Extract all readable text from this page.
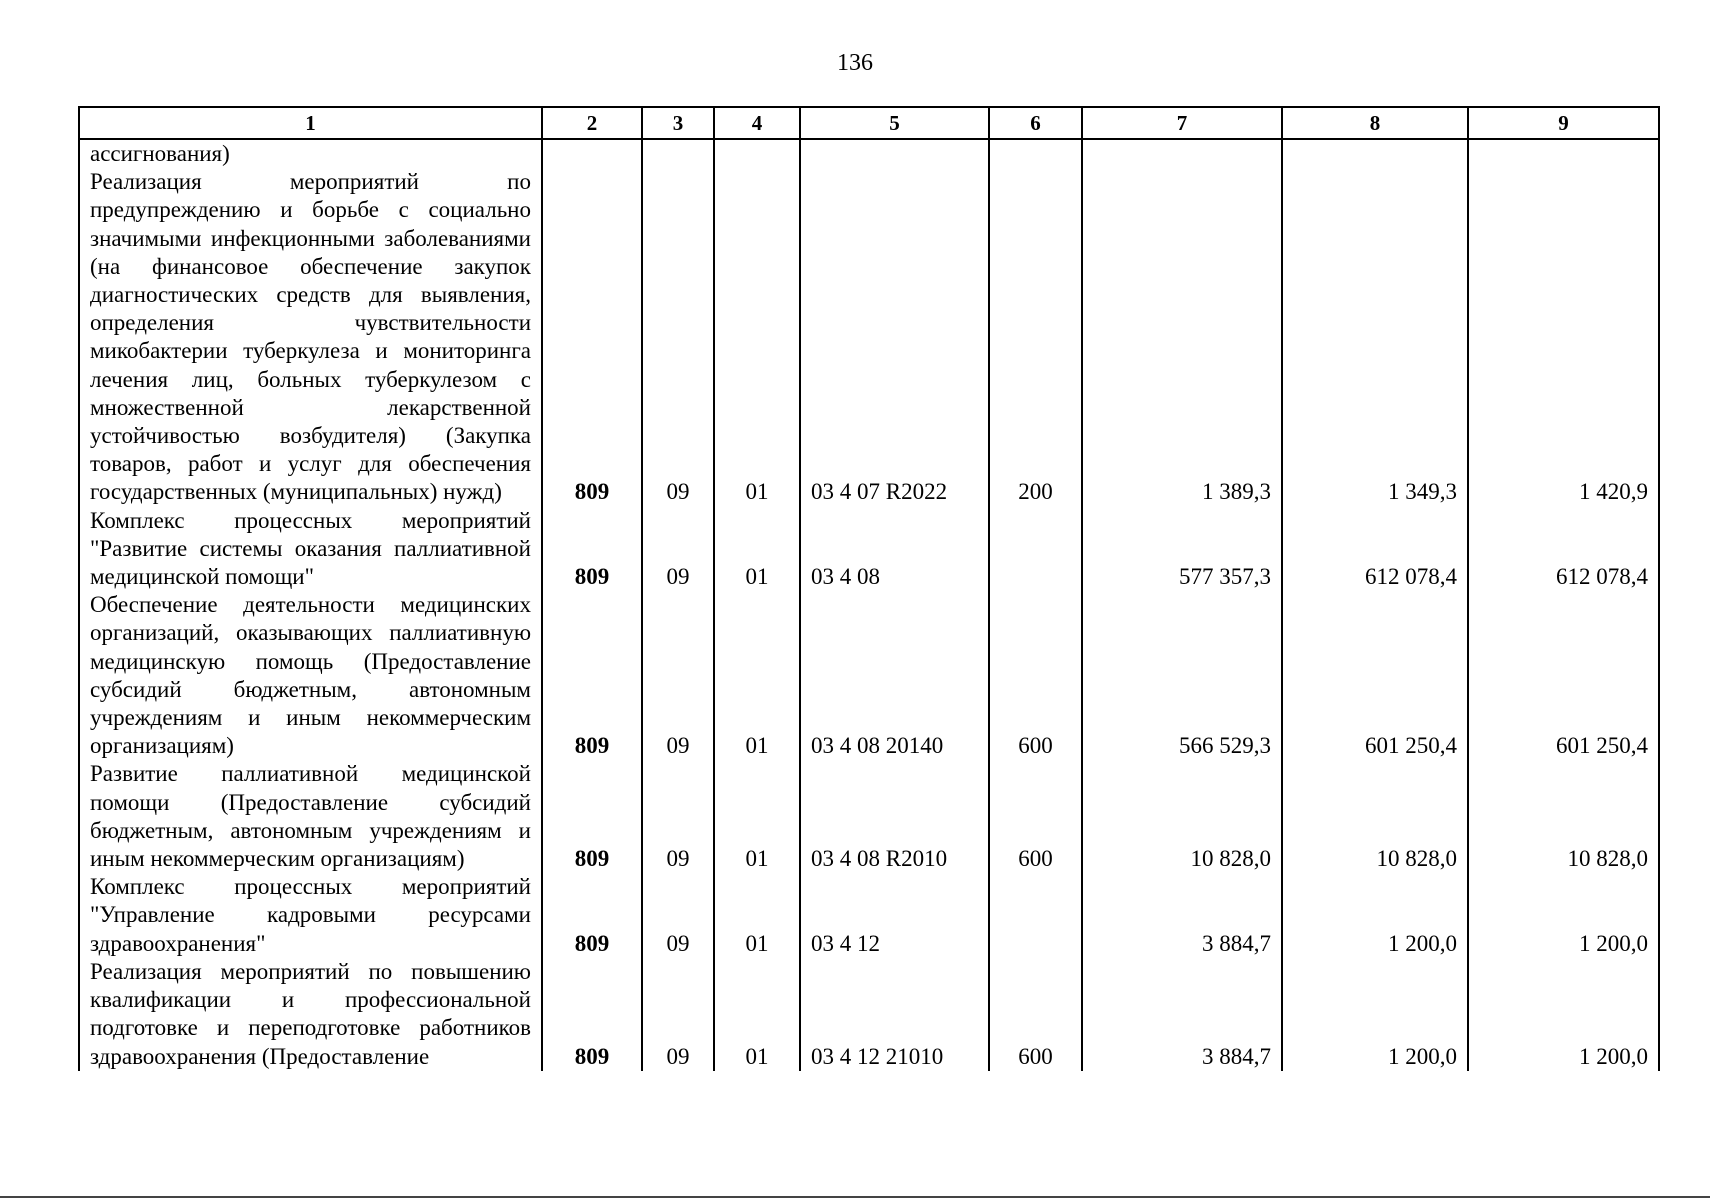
136
1	2	3	4	5	6	7	8	9
ассигнования)								
Реализация мероприятий по предупреждению и борьбе с социально значимыми инфекционными заболеваниями (на финансовое обеспечение закупок диагностических средств для выявления, определения чувствительности микобактерии туберкулеза и мониторинга лечения лиц, больных туберкулезом с множественной лекарственной устойчивостью возбудителя) (Закупка товаров, работ и услуг для обеспечения государственных (муниципальных) нужд)	809	09	01	03 4 07 R2022	200	1 389,3	1 349,3	1 420,9
Комплекс процессных мероприятий "Развитие системы оказания паллиативной медицинской помощи"	809	09	01	03 4 08		577 357,3	612 078,4	612 078,4
Обеспечение деятельности медицинских организаций, оказывающих паллиативную медицинскую помощь (Предоставление субсидий бюджетным, автономным учреждениям и иным некоммерческим организациям)	809	09	01	03 4 08 20140	600	566 529,3	601 250,4	601 250,4
Развитие паллиативной медицинской помощи (Предоставление субсидий бюджетным, автономным учреждениям и иным некоммерческим организациям)	809	09	01	03 4 08 R2010	600	10 828,0	10 828,0	10 828,0
Комплекс процессных мероприятий "Управление кадровыми ресурсами здравоохранения"	809	09	01	03 4 12		3 884,7	1 200,0	1 200,0
Реализация мероприятий по повышению квалификации и профессиональной подготовке и переподготовке работников здравоохранения (Предоставление	809	09	01	03 4 12 21010	600	3 884,7	1 200,0	1 200,0
